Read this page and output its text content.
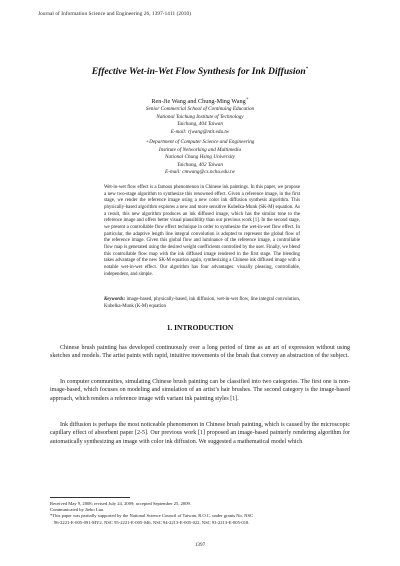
Journal of Information Science and Engineering 26, 1397-1411 (2010)
Effective Wet-in-Wet Flow Synthesis for Ink Diffusion*
Ren-Jie Wang and Chung-Ming Wang+
Senior Commercial School of Continuing Education
National Taichung Institute of Technology
Taichung, 404 Taiwan
E-mail: rjwang@ntit.edu.tw
+Department of Computer Science and Engineering
Institute of Networking and Multimedia
National Chung Hsing University
Taichung, 402 Taiwan
E-mail: cmwang@cs.nchu.edu.tw
Wet-in-wet flow effect is a famous phenomenon in Chinese ink paintings. In this paper, we propose a new two-stage algorithm to synthesize this renowned effect. Given a reference image, in the first stage, we render the reference image using a new color ink diffusion synthesis algorithm. This physically-based algorithm explores a new and more sensitive Kubelka-Munk (SK-M) equation. As a result, this new algorithm produces an ink diffused image, which has the similar tone to the reference image and offers better visual plausibility than our previous work [1]. In the second stage, we present a controllable flow effect technique in order to synthesize the wet-in-wet flow effect. In particular, the adaptive length line integral convolution is adopted to represent the global flow of the reference image. Given this global flow and luminance of the reference image, a controllable flow map is generated using the desired weight coefficients controlled by the user. Finally, we blend this controllable flow map with the ink diffused image rendered in the first stage. The blending takes advantage of the new SK-M equation again, synthesizing a Chinese ink diffused image with a notable wet-in-wet effect. Our algorithm has four advantages: visually pleasing, controllable, independent, and simple.
Keywords: image-based, physically-based, ink diffusion, wet-in-wet flow, line integral convolution, Kubelka-Munk (K-M) equation
1. INTRODUCTION

Chinese brush painting has developed continuously over a long period of time as an art of expression without using sketches and models. The artist paints with rapid, intuitive movements of the brush that convey an abstraction of the subject.

In computer communities, simulating Chinese brush painting can be classified into two categories. The first one is non-image-based, which focuses on modeling and simulation of an artist’s hair brushes. The second category is the image-based approach, which renders a reference image with variant ink painting styles [1].

Ink diffusion is perhaps the most noticeable phenomenon in Chinese brush painting, which is caused by the microscopic capillary effect of absorbent paper [2-5]. Our previous work [1] proposed an image-based painterly rendering algorithm for automatically synthesizing an image with color ink diffusion. We suggested a mathematical model which

Received May 9, 2008; revised July 24, 2009; accepted September 25, 2009.
Communicated by Jiebo Luo.
*This paper was partially supported by the National Science Council of Taiwan, R.O.C. under grants No. NSC
96-2221-E-005-091-MY2, NSC 95-2221-E-005-046, NSC 94-2213-E-005-022, NSC 93-2213-E-005-018.
1397
